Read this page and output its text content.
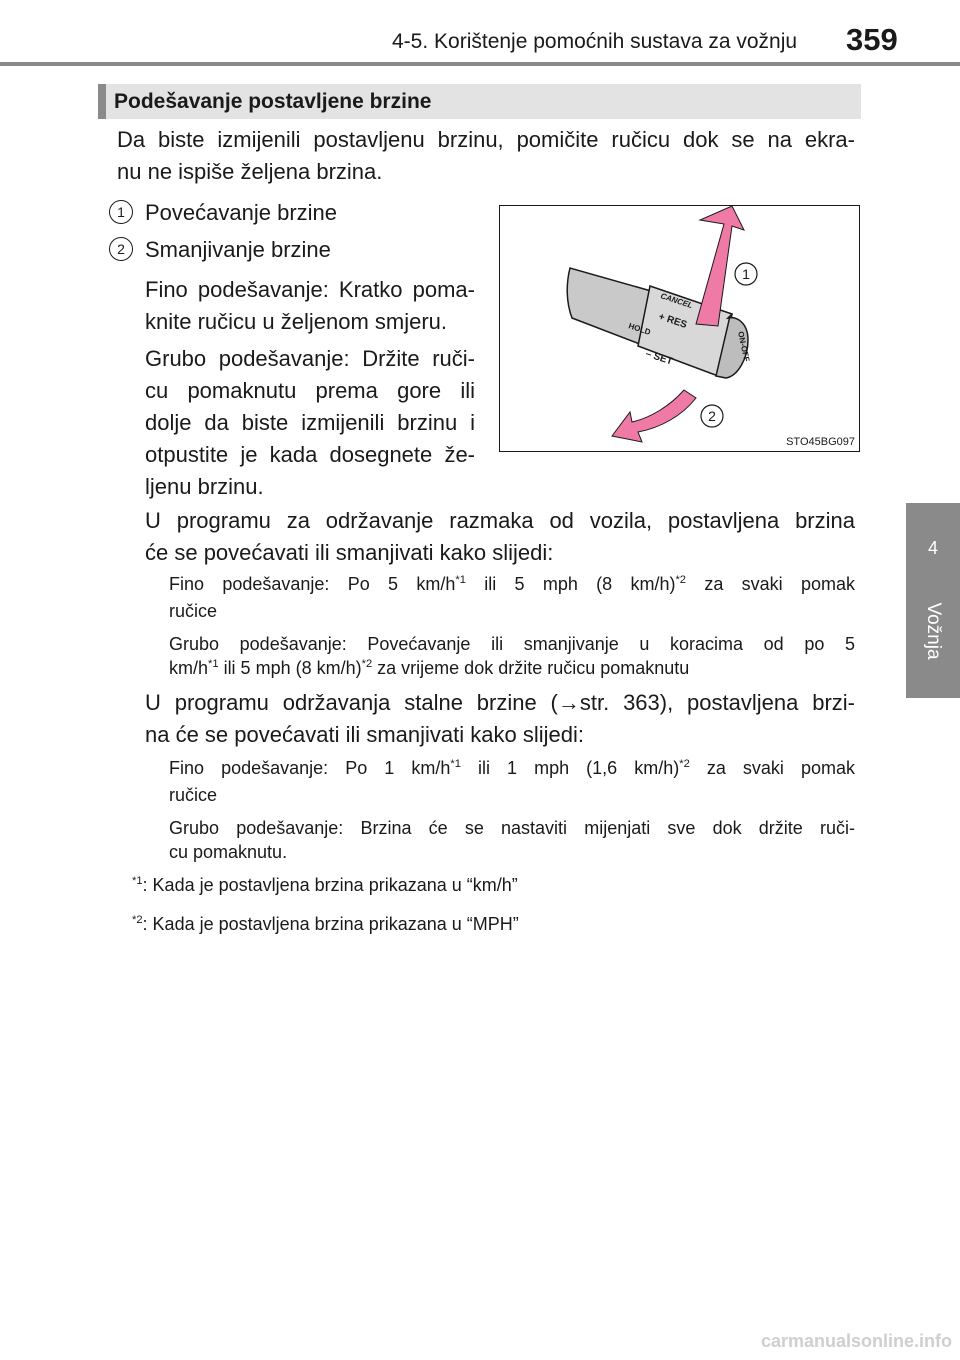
4-5. Korištenje pomoćnih sustava za vožnju 359
4
Vožnja
Podešavanje postavljene brzine
Da biste izmijenili postavljenu brzinu, pomičite ručicu dok se na ekra-
nu ne ispiše željena brzina.
1 Povećavanje brzine
2 Smanjivanje brzine
Fino podešavanje: Kratko poma-
knite ručicu u željenom smjeru.
Grubo podešavanje: Držite ruči-
cu pomaknutu prema gore ili
dolje da biste izmijenili brzinu i
otpustite je kada dosegnete že-
ljenu brzinu.
CANCEL
+ RES
HOLD
– SET	ON-OFF
1
2
STO45BG097
U programu za održavanje razmaka od vozila, postavljena brzina
će se povećavati ili smanjivati kako slijedi:
Fino podešavanje: Po 5 $km/h^{*1}$ ili 5 mph (8 km/h)$^{*2}$ za svaki pomak
ručice
Grubo podešavanje: Povećavanje ili smanjivanje u koracima od po 5
$km/h^{*1}$ ili 5 mph (8 km/h)$^{*2}$ za vrijeme dok držite ručicu pomaknutu
U programu održavanja stalne brzine (→str. 363), postavljena brzi-
na će se povećavati ili smanjivati kako slijedi:
Fino podešavanje: Po 1 $km/h^{*1}$ ili 1 mph (1,6 km/h)$^{*2}$ za svaki pomak
ručice
Grubo podešavanje: Brzina će se nastaviti mijenjati sve dok držite ruči-
cu pomaknutu.
$^{*1}$: Kada je postavljena brzina prikazana u “km/h”
$^{*2}$: Kada je postavljena brzina prikazana u “MPH”
carmanualsonline.info
